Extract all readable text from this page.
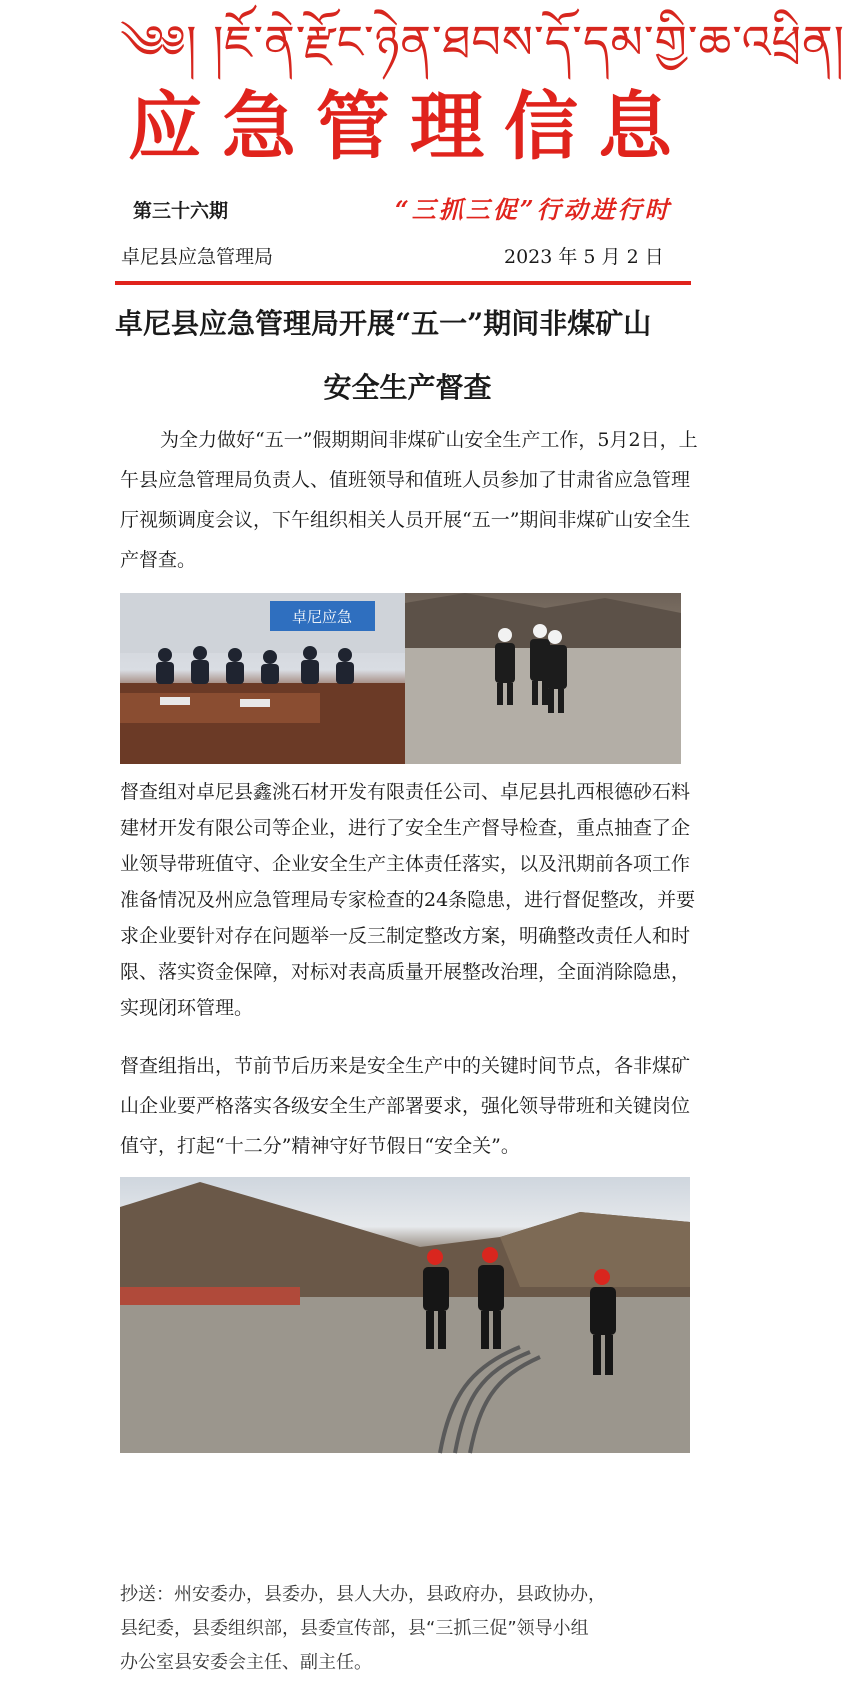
༄༅། །ཇོ་ནེ་རྫོང་ཉེན་ཐབས་དོ་དམ་གྱི་ཆ་འཕྲིན།
应急管理信息
第三十六期	“三抓三促”行动进行时
卓尼县应急管理局	2023 年 5 月 2 日
卓尼县应急管理局开展“五一”期间非煤矿山
安全生产督查
为全力做好“五一”假期期间非煤矿山安全生产工作，5月2日，上午县应急管理局负责人、值班领导和值班人员参加了甘肃省应急管理厅视频调度会议，下午组织相关人员开展“五一”期间非煤矿山安全生产督查。
卓尼应急
督查组对卓尼县鑫洮石材开发有限责任公司、卓尼县扎西根德砂石料建材开发有限公司等企业，进行了安全生产督导检查，重点抽查了企业领导带班值守、企业安全生产主体责任落实，以及汛期前各项工作准备情况及州应急管理局专家检查的24条隐患，进行督促整改，并要求企业要针对存在问题举一反三制定整改方案，明确整改责任人和时限、落实资金保障，对标对表高质量开展整改治理，全面消除隐患，实现闭环管理。
督查组指出，节前节后历来是安全生产中的关键时间节点，各非煤矿山企业要严格落实各级安全生产部署要求，强化领导带班和关键岗位值守，打起“十二分”精神守好节假日“安全关”。
抄送：州安委办，县委办，县人大办，县政府办，县政协办，
县纪委，县委组织部，县委宣传部，县“三抓三促”领导小组
办公室县安委会主任、副主任。
